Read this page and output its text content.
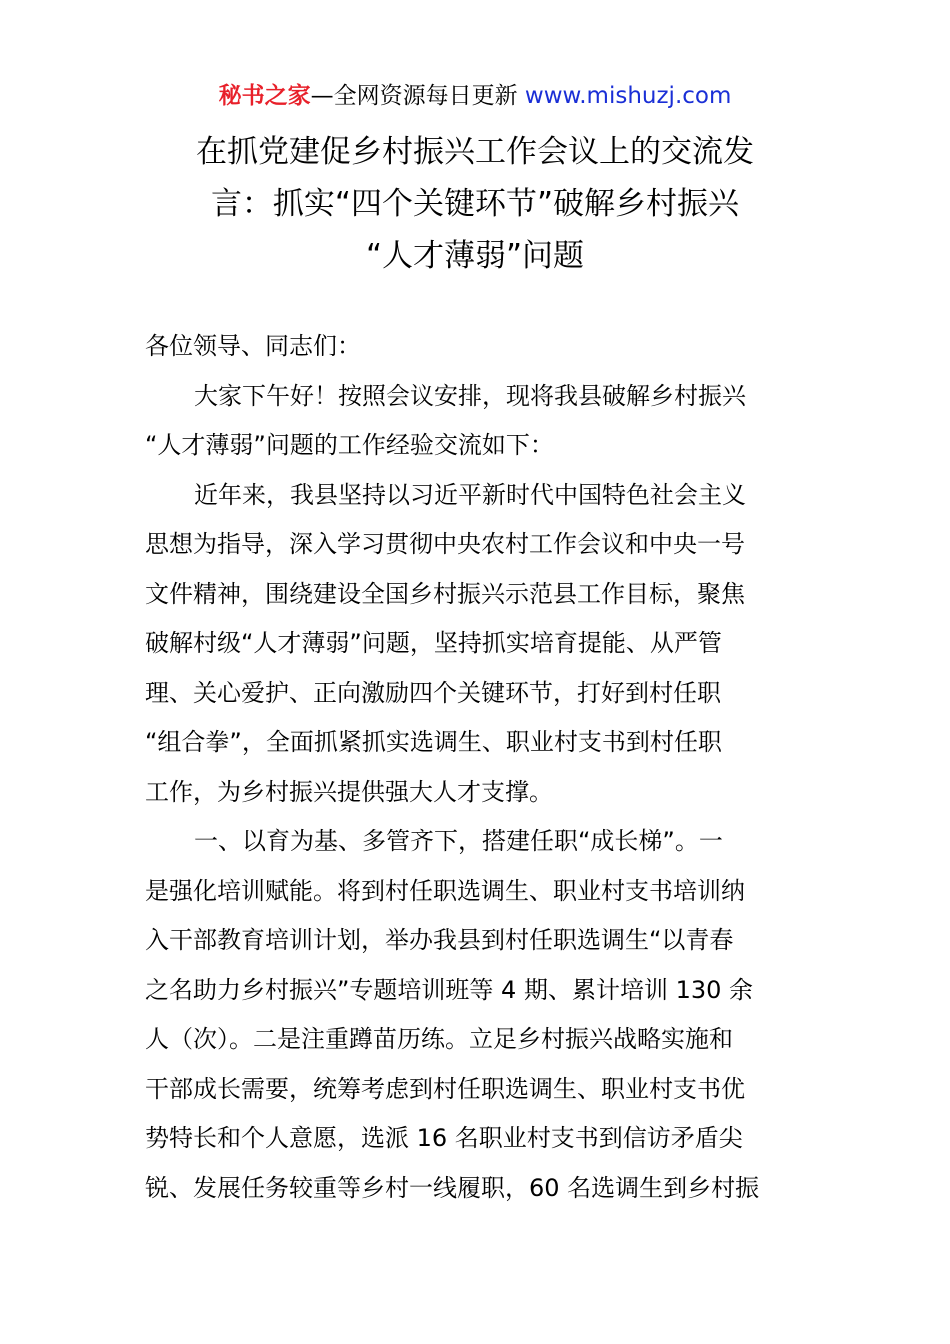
秘书之家—全网资源每日更新 www.mishuzj.com
在抓党建促乡村振兴工作会议上的交流发
言：抓实“四个关键环节”破解乡村振兴
“人才薄弱”问题
各位领导、同志们：
大家下午好！按照会议安排，现将我县破解乡村振兴
“人才薄弱”问题的工作经验交流如下：
近年来，我县坚持以习近平新时代中国特色社会主义
思想为指导，深入学习贯彻中央农村工作会议和中央一号
文件精神，围绕建设全国乡村振兴示范县工作目标，聚焦
破解村级“人才薄弱”问题，坚持抓实培育提能、从严管
理、关心爱护、正向激励四个关键环节，打好到村任职
“组合拳”，全面抓紧抓实选调生、职业村支书到村任职
工作，为乡村振兴提供强大人才支撑。
一、以育为基、多管齐下，搭建任职“成长梯”。一
是强化培训赋能。将到村任职选调生、职业村支书培训纳
入干部教育培训计划，举办我县到村任职选调生“以青春
之名助力乡村振兴”专题培训班等 4 期、累计培训 130 余
人（次）。二是注重蹲苗历练。立足乡村振兴战略实施和
干部成长需要，统筹考虑到村任职选调生、职业村支书优
势特长和个人意愿，选派 16 名职业村支书到信访矛盾尖
锐、发展任务较重等乡村一线履职，60 名选调生到乡村振
